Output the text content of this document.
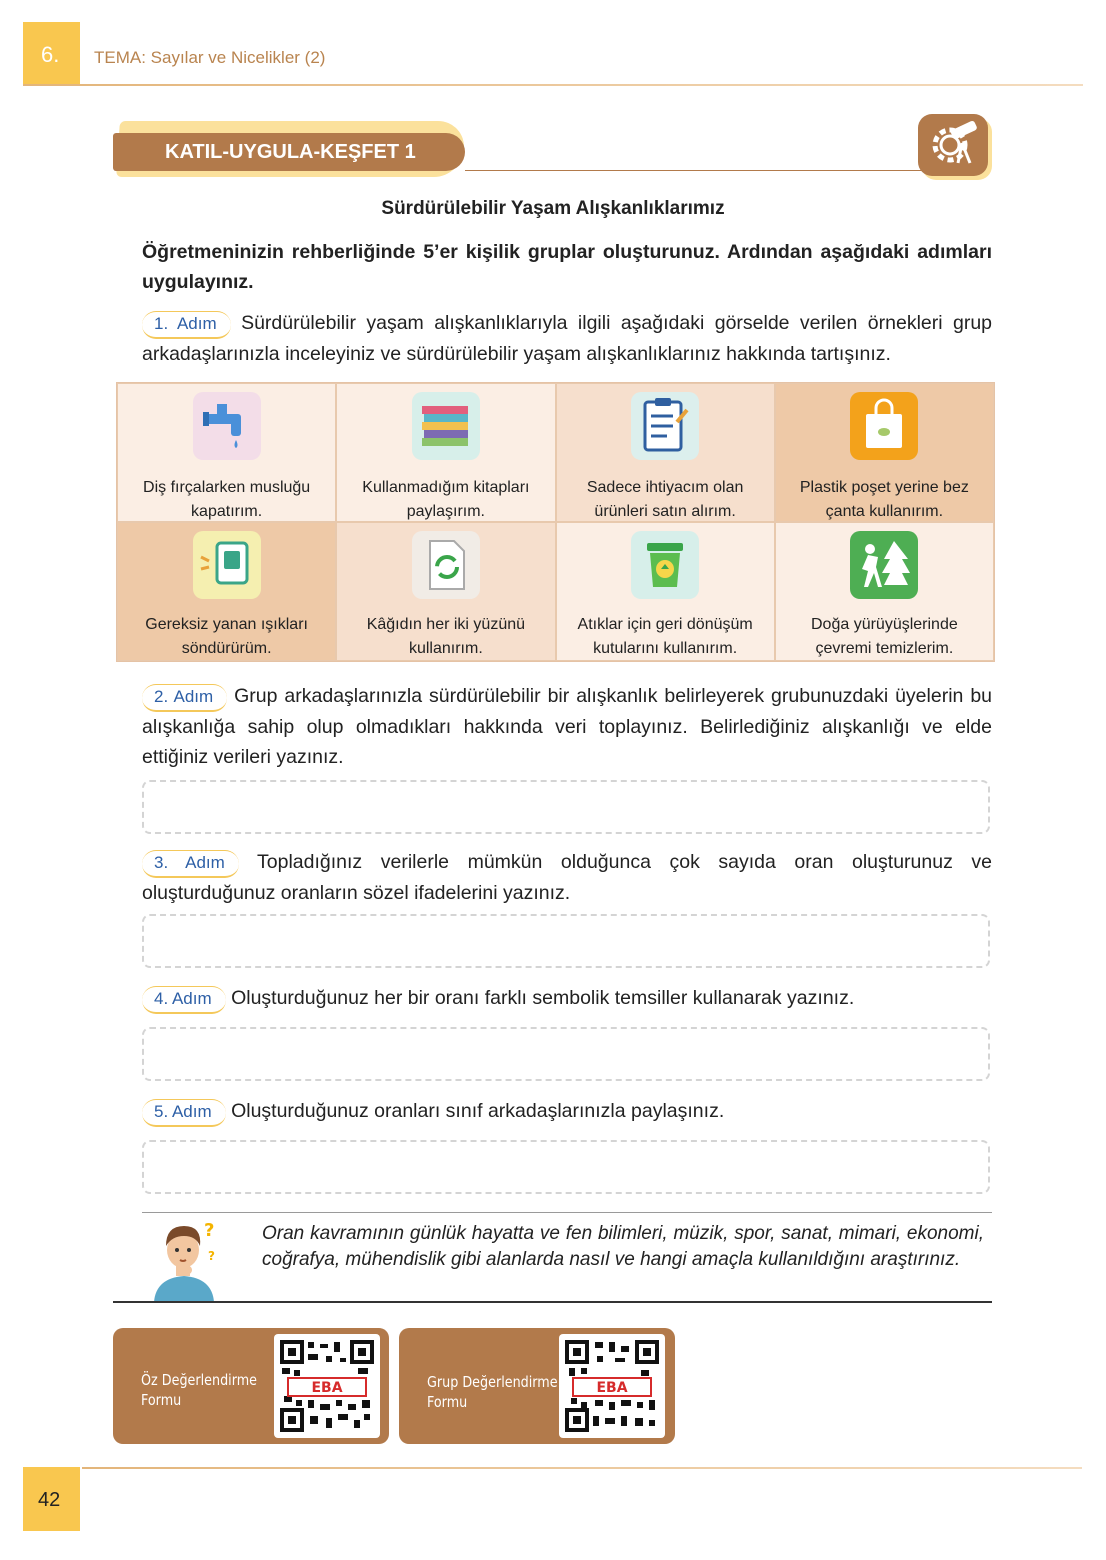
6. TEMA: Sayılar ve Nicelikler (2)
KATIL-UYGULA-KEŞFET 1
Sürdürülebilir Yaşam Alışkanlıklarımız
Öğretmeninizin rehberliğinde 5’er kişilik gruplar oluşturunuz. Ardından aşağıdaki adımları uygulayınız.
1. Adım Sürdürülebilir yaşam alışkanlıklarıyla ilgili aşağıdaki görselde verilen örnekleri grup arkadaşlarınızla inceleyiniz ve sürdürülebilir yaşam alışkanlıklarınız hakkında tartışınız.
Diş fırçalarken musluğu
kapatırım.
Kullanmadığım kitapları
paylaşırım.
Sadece ihtiyacım olan
ürünleri satın alırım.
Plastik poşet yerine bez
çanta kullanırım.
Gereksiz yanan ışıkları
söndürürüm.
Kâğıdın her iki yüzünü
kullanırım.
Atıklar için geri dönüşüm
kutularını kullanırım.
Doğa yürüyüşlerinde
çevremi temizlerim.
2. Adım Grup arkadaşlarınızla sürdürülebilir bir alışkanlık belirleyerek grubunuzdaki üyelerin bu alışkanlığa sahip olup olmadıkları hakkında veri toplayınız. Belirlediğiniz alışkanlığı ve elde ettiğiniz verileri yazınız.
3. Adım Topladığınız verilerle mümkün olduğunca çok sayıda oran oluşturunuz ve oluşturduğunuz oranların sözel ifadelerini yazınız.
4. Adım Oluşturduğunuz her bir oranı farklı sembolik temsiller kullanarak yazınız.
5. Adım Oluşturduğunuz oranları sınıf arkadaşlarınızla paylaşınız.
?
?
Oran kavramının günlük hayatta ve fen bilimleri, müzik, spor, sanat, mimari, ekonomi, coğrafya, mühendislik gibi alanlarda nasıl ve hangi amaçla kullanıldığını araştırınız.
Öz Değerlendirme
Formu
EBA	Grup Değerlendirme
Formu
EBA
42
